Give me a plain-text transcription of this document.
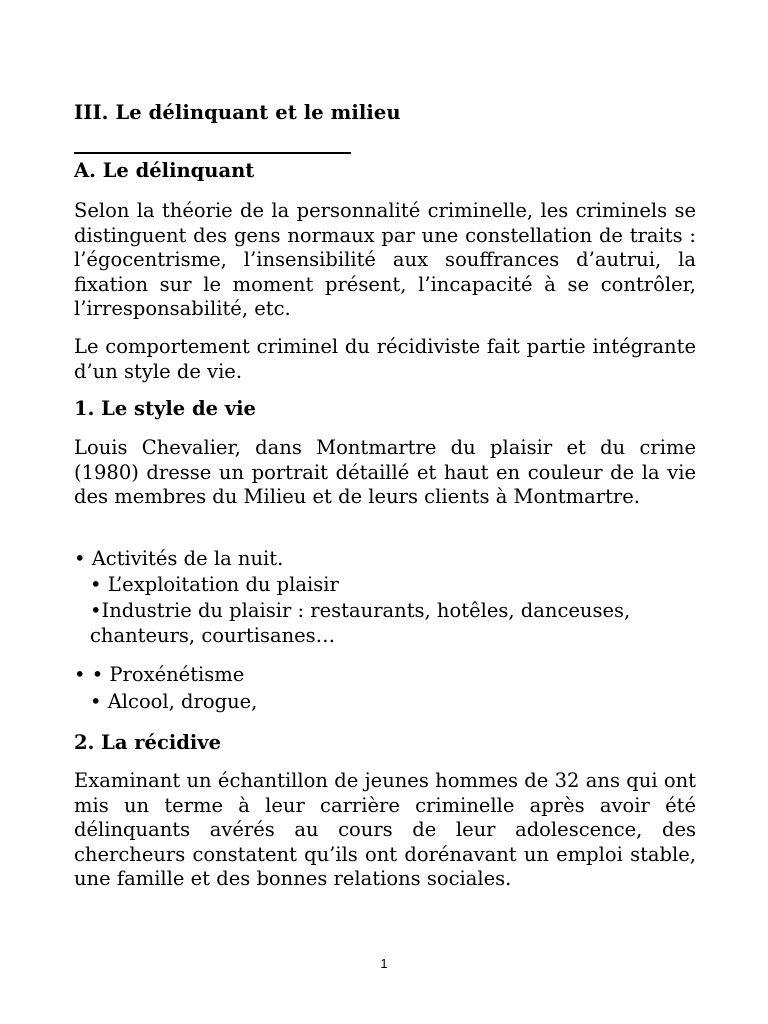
III. Le délinquant et le milieu
A. Le délinquant

Selon la théorie de la personnalité criminelle, les criminels se distinguent des gens normaux par une constellation de traits : l’égocentrisme, l’insensibilité aux souffrances d’autrui, la fixation sur le moment présent, l’incapacité à se contrôler, l’irresponsabilité, etc.

Le comportement criminel du récidiviste fait partie intégrante d’un style de vie.

1. Le style de vie

Louis Chevalier, dans Montmartre du plaisir et du crime (1980) dresse un portrait détaillé et haut en couleur de la vie des membres du Milieu et de leurs clients à Montmartre.

• Activités de la nuit.

• L’exploitation du plaisir

•Industrie du plaisir : restaurants, hotêles, danceuses, chanteurs, courtisanes…

• • Proxénétisme

• Alcool, drogue,

2. La récidive

Examinant un échantillon de jeunes hommes de 32 ans qui ont mis un terme à leur carrière criminelle après avoir été délinquants avérés au cours de leur adolescence, des chercheurs constatent qu’ils ont dorénavant un emploi stable, une famille et des bonnes relations sociales.

1
